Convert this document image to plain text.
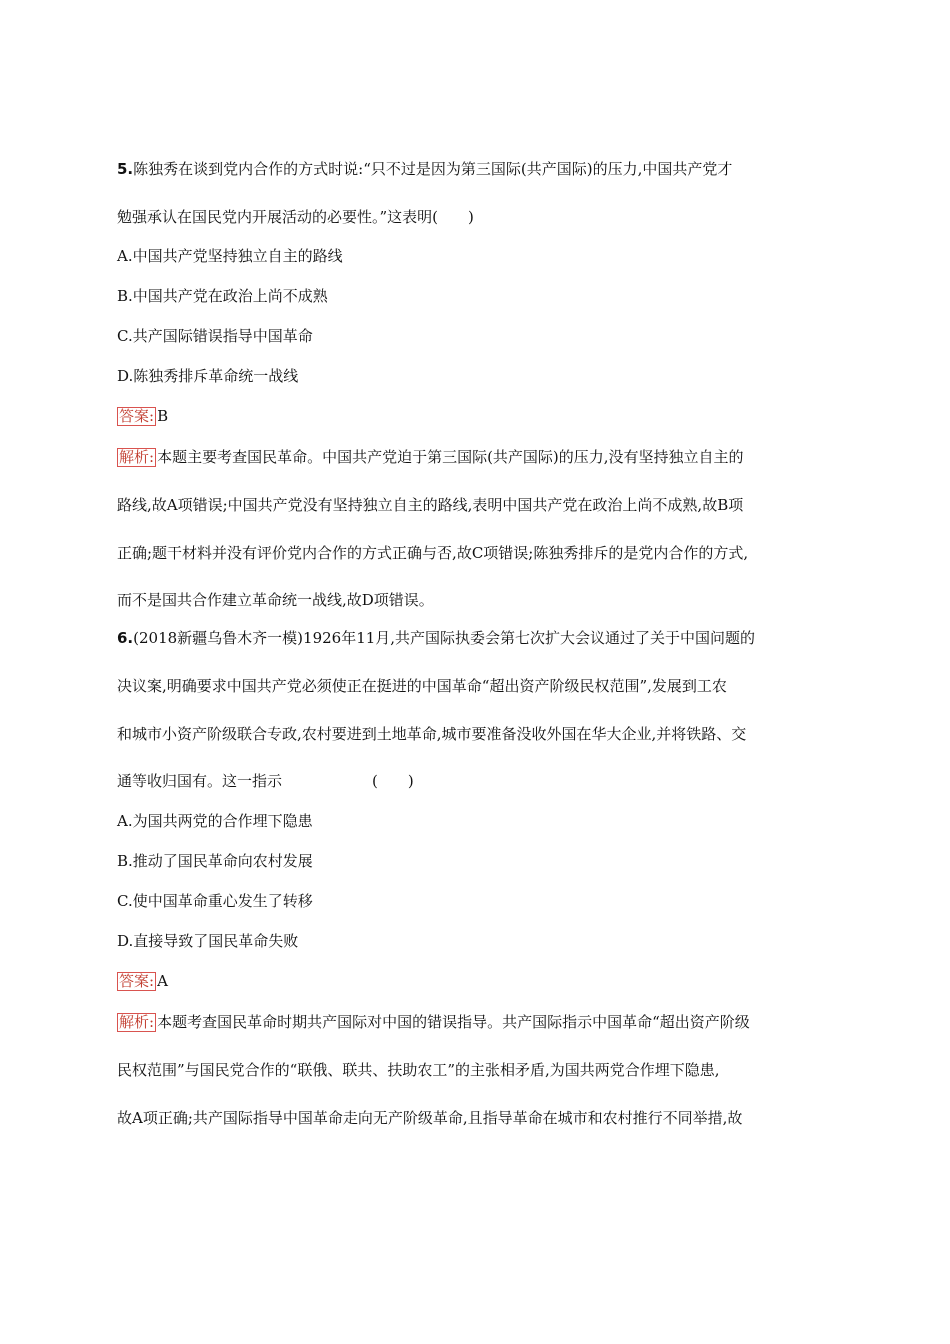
5.陈独秀在谈到党内合作的方式时说:“只不过是因为第三国际(共产国际)的压力,中国共产党才
勉强承认在国民党内开展活动的必要性。”这表明(　　)
A.中国共产党坚持独立自主的路线
B.中国共产党在政治上尚不成熟
C.共产国际错误指导中国革命
D.陈独秀排斥革命统一战线
答案: B
解析: 本题主要考查国民革命。中国共产党迫于第三国际(共产国际)的压力,没有坚持独立自主的
路线,故A项错误;中国共产党没有坚持独立自主的路线,表明中国共产党在政治上尚不成熟,故B项
正确;题干材料并没有评价党内合作的方式正确与否,故C项错误;陈独秀排斥的是党内合作的方式,
而不是国共合作建立革命统一战线,故D项错误。
6.(2018新疆乌鲁木齐一模)1926年11月,共产国际执委会第七次扩大会议通过了关于中国问题的
决议案,明确要求中国共产党必须使正在挺进的中国革命“超出资产阶级民权范围”,发展到工农
和城市小资产阶级联合专政,农村要进到土地革命,城市要准备没收外国在华大企业,并将铁路、交
通等收归国有。这一指示	(　　)
A.为国共两党的合作埋下隐患
B.推动了国民革命向农村发展
C.使中国革命重心发生了转移
D.直接导致了国民革命失败
答案: A
解析: 本题考查国民革命时期共产国际对中国的错误指导。共产国际指示中国革命“超出资产阶级
民权范围”与国民党合作的“联俄、联共、扶助农工”的主张相矛盾,为国共两党合作埋下隐患,
故A项正确;共产国际指导中国革命走向无产阶级革命,且指导革命在城市和农村推行不同举措,故
